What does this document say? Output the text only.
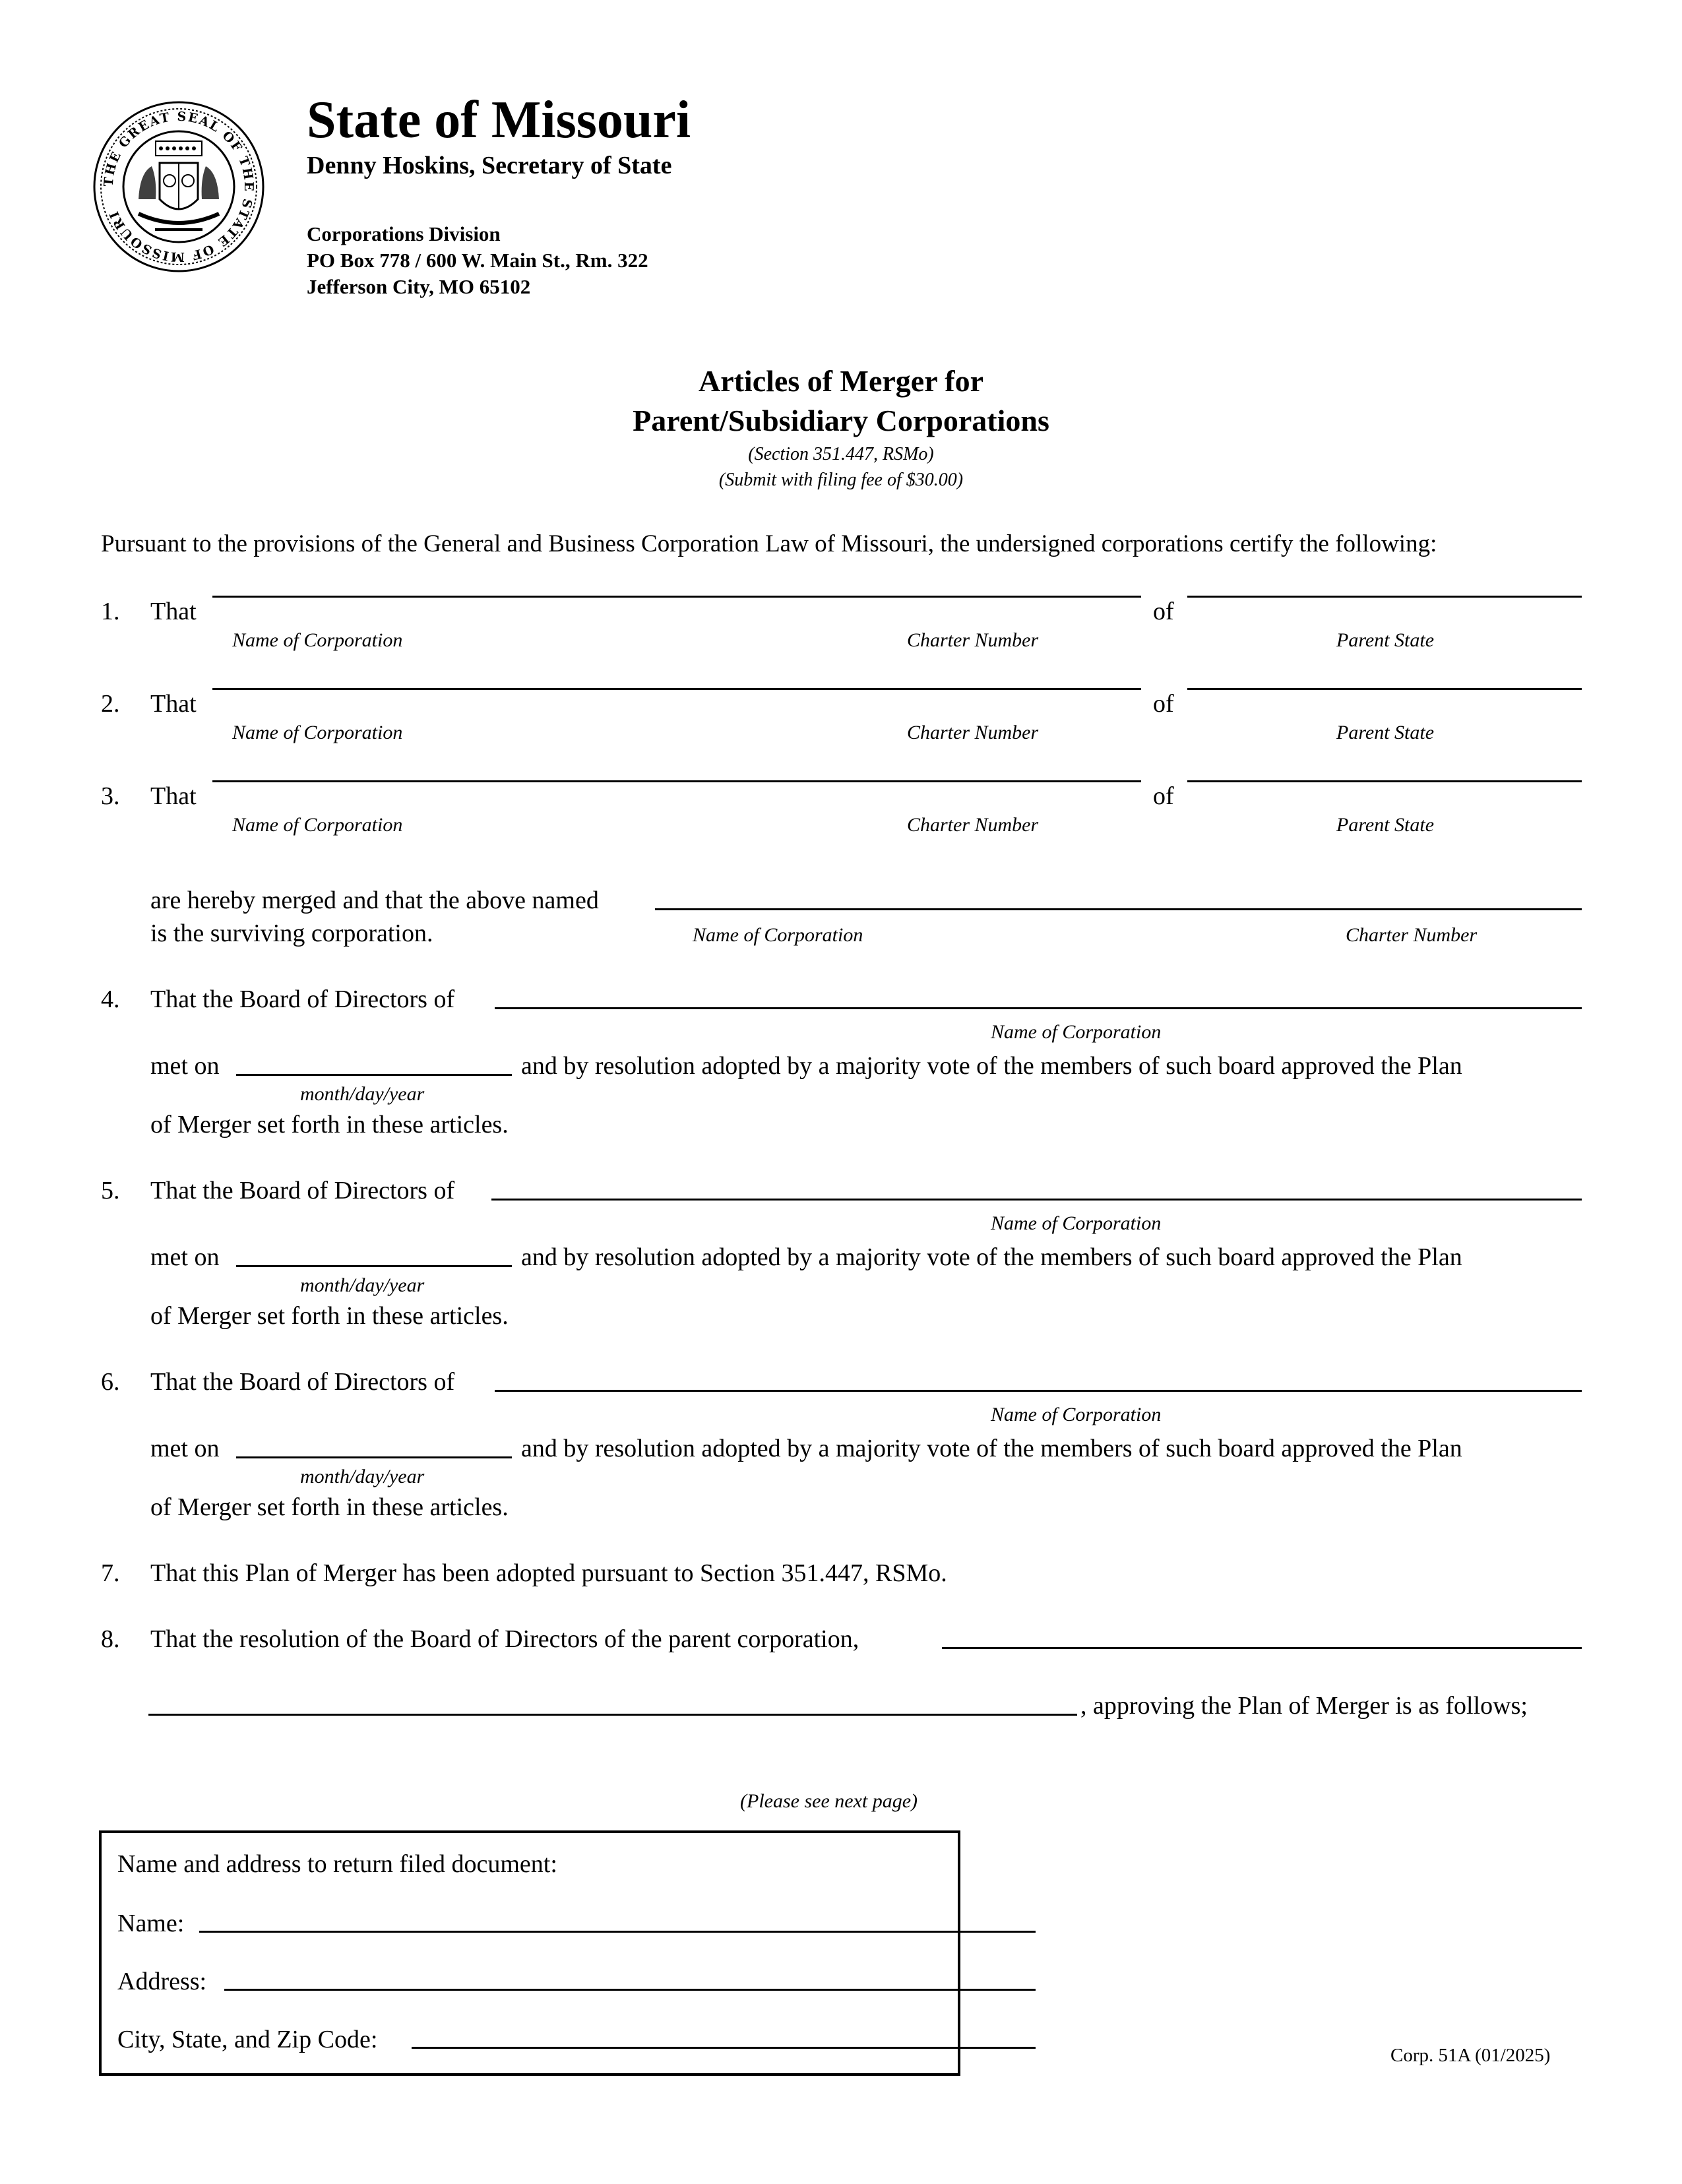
THE GREAT SEAL OF THE STATE OF MISSOURI
State of Missouri
Denny Hoskins, Secretary of State
Corporations Division
PO Box 778 / 600 W. Main St., Rm. 322
Jefferson City, MO 65102
Articles of Merger for
Parent/Subsidiary Corporations
(Section 351.447, RSMo)
(Submit with filing fee of $30.00)
Pursuant to the provisions of the General and Business Corporation Law of Missouri, the undersigned corporations certify the following:
1. That	of
Name of Corporation	Charter Number	Parent State
2. That	of
Name of Corporation	Charter Number	Parent State
3. That	of
Name of Corporation	Charter Number	Parent State
are hereby merged and that the above named
is the surviving corporation.	Name of Corporation	Charter Number
4. That the Board of Directors of
Name of Corporation
met on	and by resolution adopted by a majority vote of the members of such board approved the Plan
month/day/year
of Merger set forth in these articles.
5. That the Board of Directors of
Name of Corporation
met on	and by resolution adopted by a majority vote of the members of such board approved the Plan
month/day/year
of Merger set forth in these articles.
6. That the Board of Directors of
Name of Corporation
met on	and by resolution adopted by a majority vote of the members of such board approved the Plan
month/day/year
of Merger set forth in these articles.
7. That this Plan of Merger has been adopted pursuant to Section 351.447, RSMo.
8. That the resolution of the Board of Directors of the parent corporation,
, approving the Plan of Merger is as follows;
(Please see next page)
Name and address to return filed document:
Name:
Address:
City, State, and Zip Code:
Corp. 51A (01/2025)
